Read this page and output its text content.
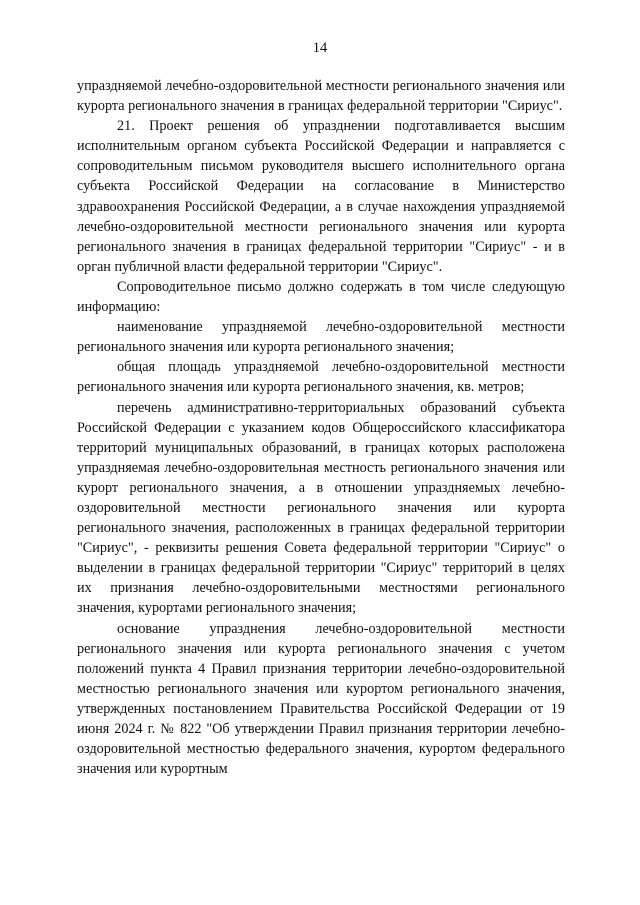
14

упраздняемой лечебно-оздоровительной местности регионального значения или курорта регионального значения в границах федеральной территории "Сириус".

21. Проект решения об упразднении подготавливается высшим исполнительным органом субъекта Российской Федерации и направляется с сопроводительным письмом руководителя высшего исполнительного органа субъекта Российской Федерации на согласование в Министерство здравоохранения Российской Федерации, а в случае нахождения упраздняемой лечебно-оздоровительной местности регионального значения или курорта регионального значения в границах федеральной территории "Сириус" - и в орган публичной власти федеральной территории "Сириус".

Сопроводительное письмо должно содержать в том числе следующую информацию:

наименование упраздняемой лечебно-оздоровительной местности регионального значения или курорта регионального значения;

общая площадь упраздняемой лечебно-оздоровительной местности регионального значения или курорта регионального значения, кв. метров;

перечень административно-территориальных образований субъекта Российской Федерации с указанием кодов Общероссийского классификатора территорий муниципальных образований, в границах которых расположена упраздняемая лечебно-оздоровительная местность регионального значения или курорт регионального значения, а в отношении упраздняемых лечебно-оздоровительной местности регионального значения или курорта регионального значения, расположенных в границах федеральной территории "Сириус", - реквизиты решения Совета федеральной территории "Сириус" о выделении в границах федеральной территории "Сириус" территорий в целях их признания лечебно-оздоровительными местностями регионального значения, курортами регионального значения;

основание упразднения лечебно-оздоровительной местности регионального значения или курорта регионального значения с учетом положений пункта 4 Правил признания территории лечебно-оздоровительной местностью регионального значения или курортом регионального значения, утвержденных постановлением Правительства Российской Федерации от 19 июня 2024 г. № 822 "Об утверждении Правил признания территории лечебно-оздоровительной местностью федерального значения, курортом федерального значения или курортным
